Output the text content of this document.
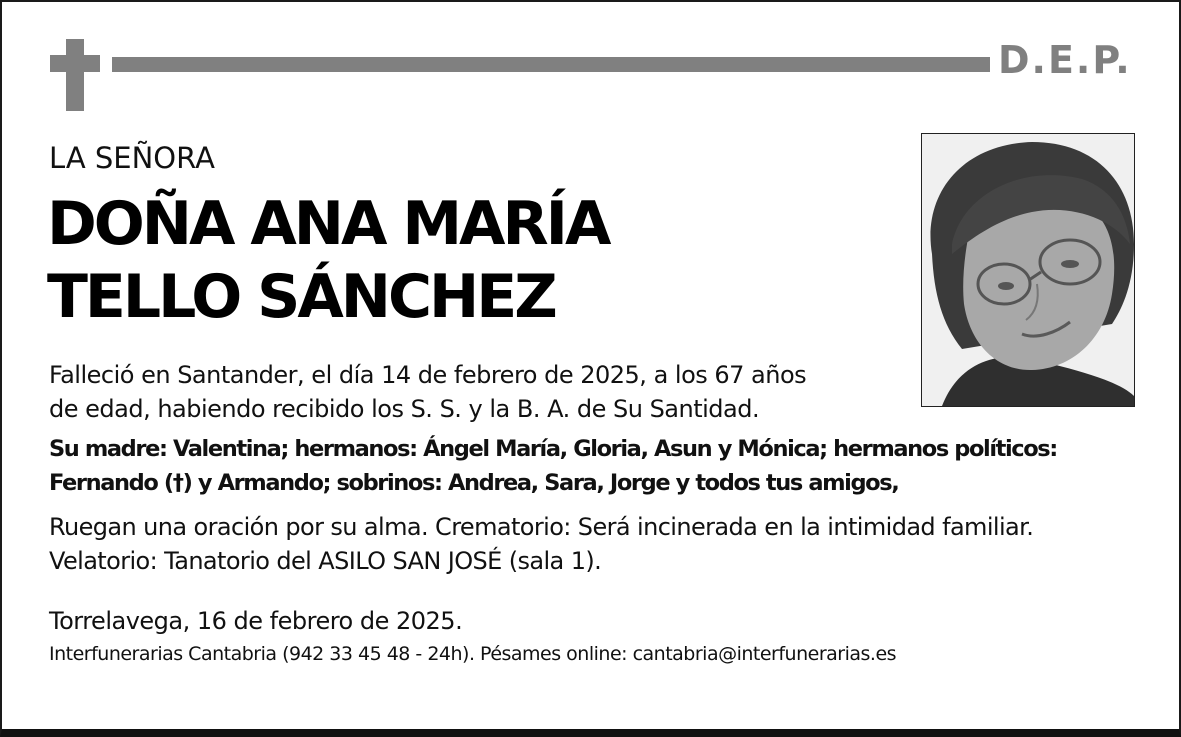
D.E.P.
LA SEÑORA
DOÑA ANA MARÍA
TELLO SÁNCHEZ
Falleció en Santander, el día 14 de febrero de 2025, a los 67 años
de edad, habiendo recibido los S. S. y la B. A. de Su Santidad.
Su madre: Valentina; hermanos: Ángel María, Gloria, Asun y Mónica; hermanos políticos:
Fernando (†) y Armando; sobrinos: Andrea, Sara, Jorge y todos tus amigos,
Ruegan una oración por su alma. Crematorio: Será incinerada en la intimidad familiar.
Velatorio: Tanatorio del ASILO SAN JOSÉ (sala 1).
Torrelavega, 16 de febrero de 2025.
Interfunerarias Cantabria (942 33 45 48 - 24h). Pésames online: cantabria@interfunerarias.es
